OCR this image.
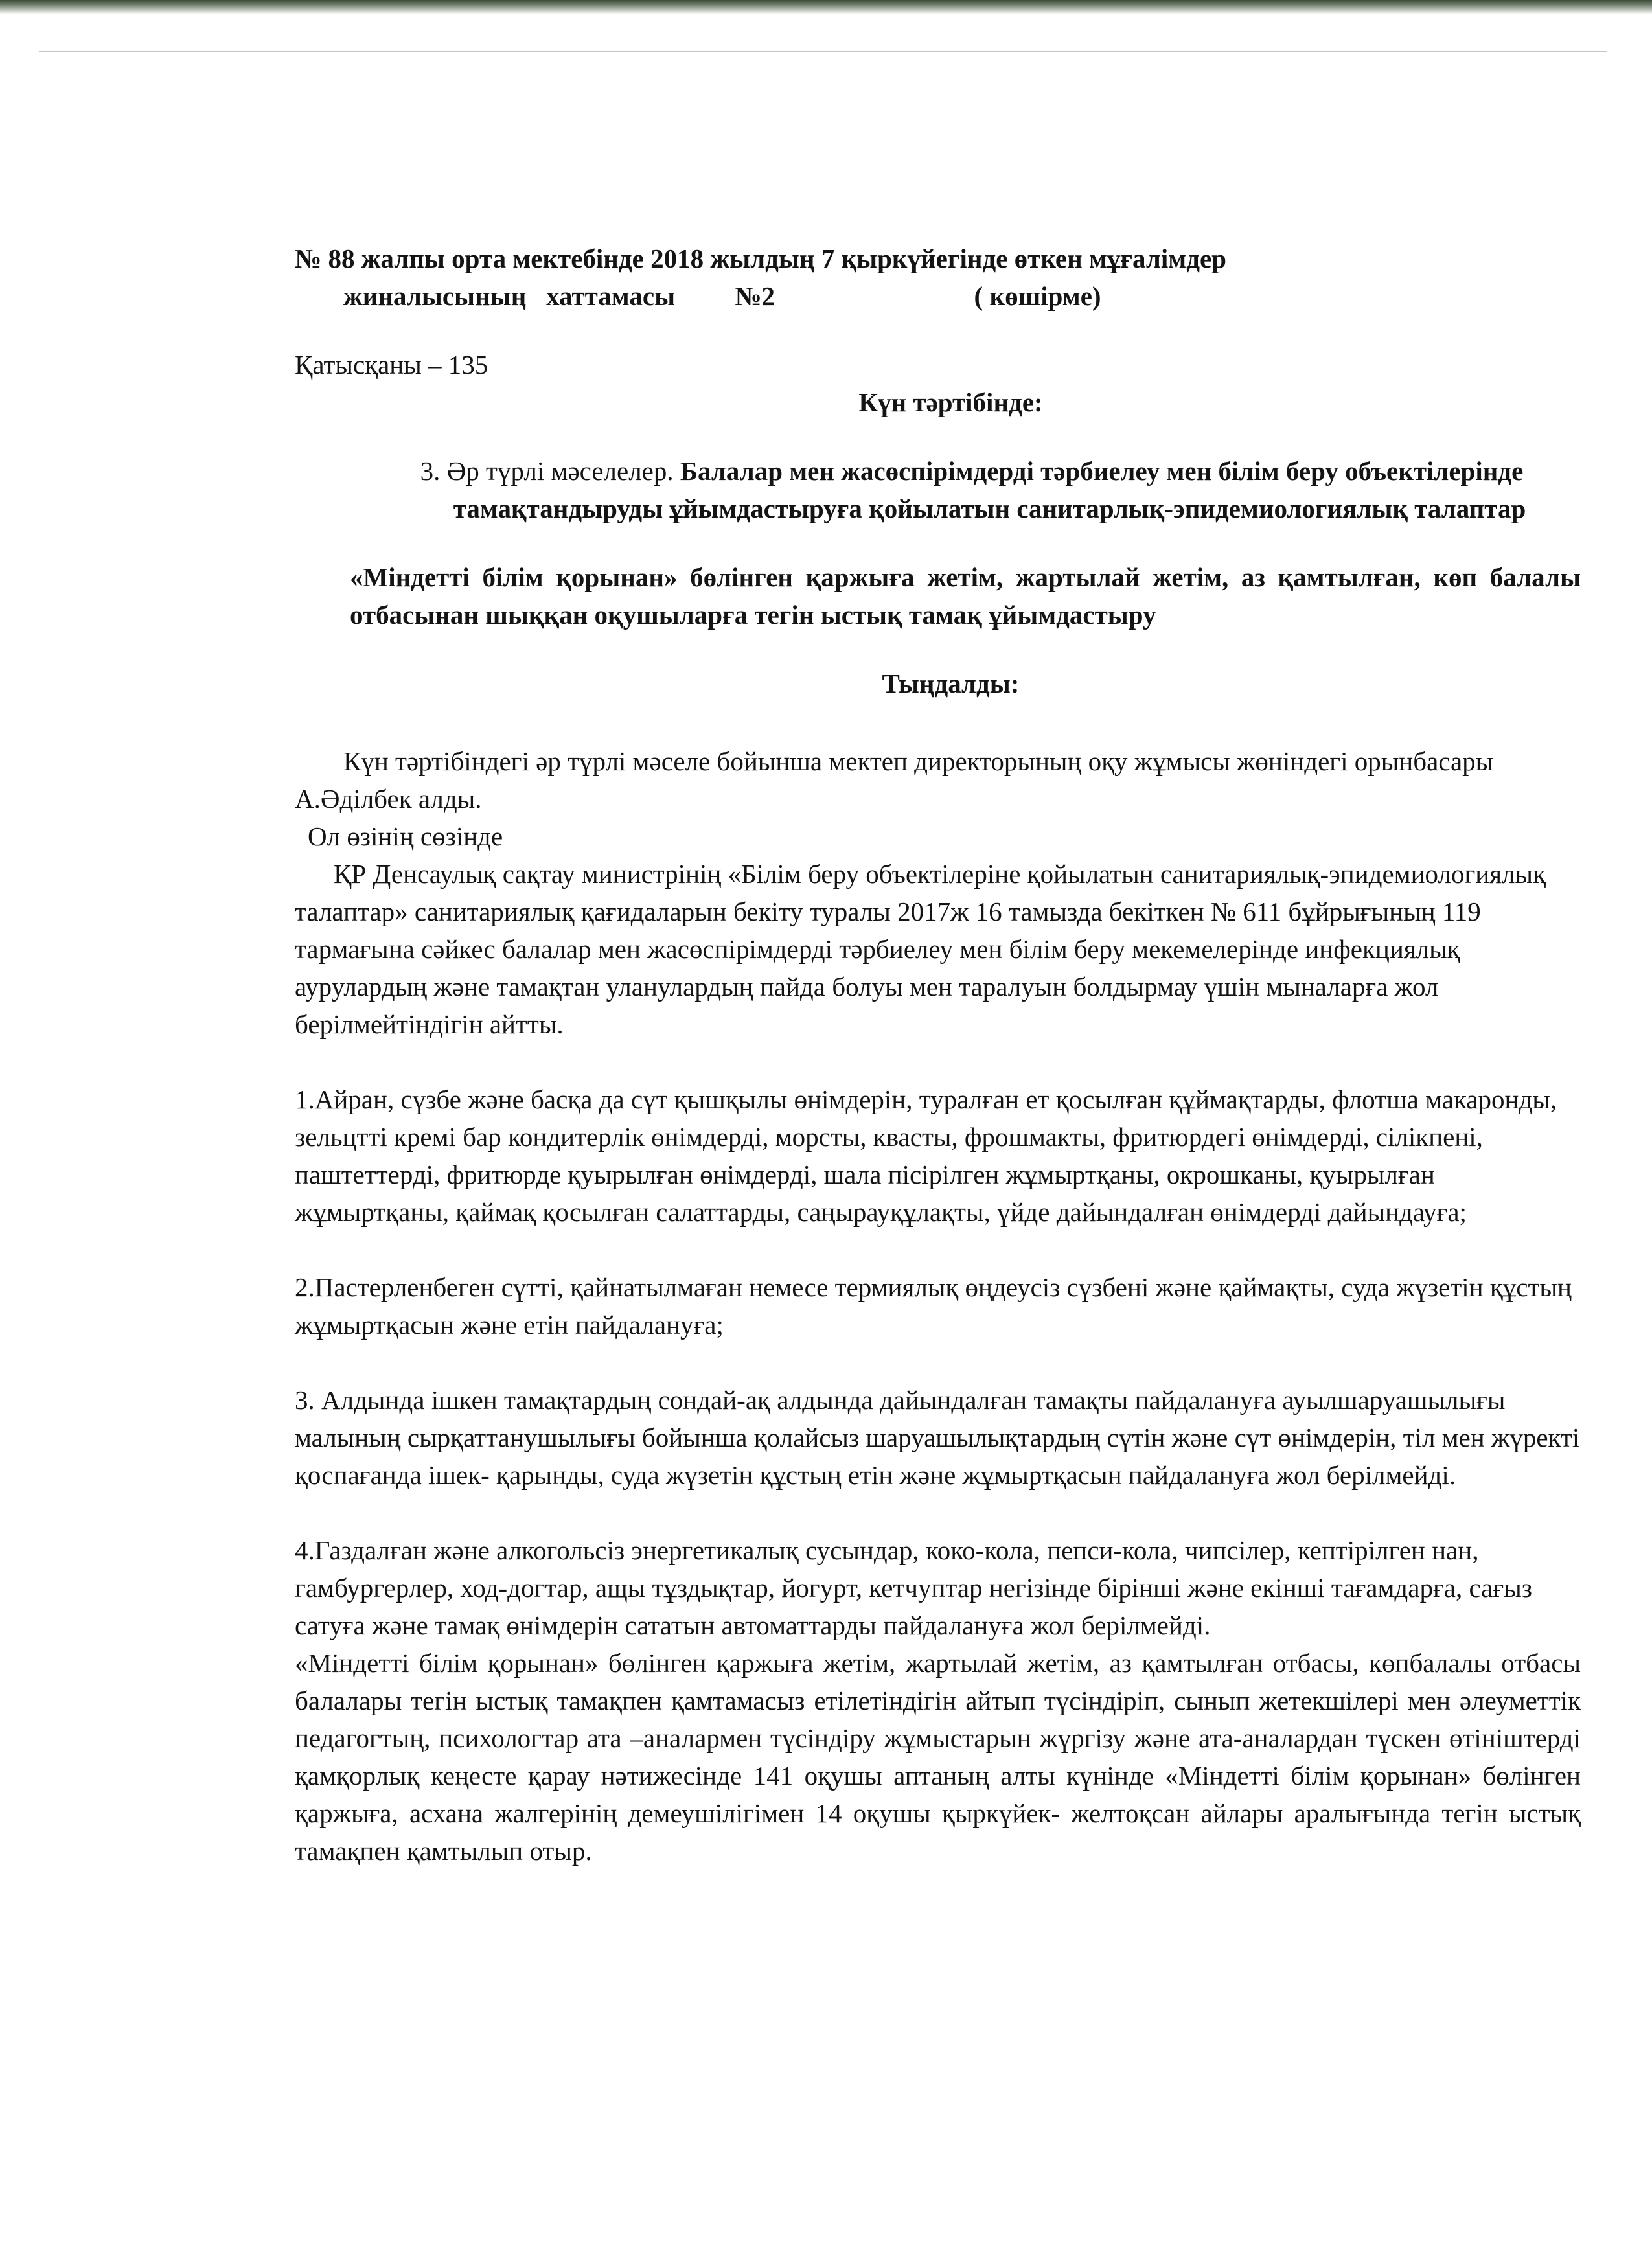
№ 88 жалпы орта мектебінде 2018 жылдың 7 қыркүйегінде өткен мұғалімдер
жиналысының   хаттамасы         №2                              ( көшірме)

Қатысқаны – 135

Күн тәртібінде:

3. Әр түрлі мәселелер. Балалар мен жасөспірімдерді тәрбиелеу мен білім беру объектілерінде тамақтандыруды ұйымдастыруға қойылатын санитарлық-эпидемиологиялық талаптар

«Міндетті білім қорынан» бөлінген қаржыға жетім, жартылай жетім, аз қамтылған, көп балалы отбасынан шыққан оқушыларға тегін ыстық тамақ ұйымдастыру

Тыңдалды:

Күн тәртібіндегі әр түрлі мәселе бойынша мектеп директорының оқу жұмысы жөніндегі орынбасары А.Әділбек алды.

Ол өзінің сөзінде

ҚР Денсаулық сақтау министрінің «Білім беру объектілеріне қойылатын санитариялық-эпидемиологиялық талаптар» санитариялық қағидаларын бекіту туралы 2017ж 16 тамызда бекіткен № 611 бұйрығының 119 тармағына сәйкес балалар мен жасөспірімдерді тәрбиелеу мен білім беру мекемелерінде инфекциялық аурулардың және тамақтан уланулардың пайда болуы мен таралуын болдырмау үшін мыналарға жол берілмейтіндігін айтты.

1.Айран, сүзбе және басқа да сүт қышқылы өнімдерін, туралған ет қосылған құймақтарды, флотша макаронды, зельцтті кремі бар кондитерлік өнімдерді, морсты, квасты, фрошмакты, фритюрдегі өнімдерді, сілікпені, паштеттерді, фритюрде қуырылған өнімдерді, шала пісірілген жұмыртқаны, окрошканы, қуырылған жұмыртқаны, қаймақ қосылған салаттарды, саңырауқұлақты, үйде дайындалған өнімдерді дайындауға;

2.Пастерленбеген сүтті, қайнатылмаған немесе термиялық өңдеусіз сүзбені және қаймақты, суда жүзетін құстың жұмыртқасын және етін пайдалануға;

3. Алдында ішкен тамақтардың сондай-ақ алдында дайындалған тамақты пайдалануға ауылшаруашылығы малының сырқаттанушылығы бойынша қолайсыз шаруашылықтардың сүтін және сүт өнімдерін, тіл мен жүректі қоспағанда ішек- қарынды, суда жүзетін құстың етін және жұмыртқасын пайдалануға жол берілмейді.

4.Газдалған және алкогольсіз энергетикалық сусындар, коко-кола, пепси-кола, чипсілер, кептірілген нан, гамбургерлер, ход-догтар, ащы тұздықтар, йогурт, кетчуптар негізінде бірінші және екінші тағамдарға, сағыз сатуға және тамақ өнімдерін сататын автоматтарды пайдалануға жол берілмейді.

«Міндетті білім қорынан» бөлінген қаржыға жетім, жартылай жетім, аз қамтылған отбасы, көпбалалы отбасы балалары тегін ыстық тамақпен қамтамасыз етілетіндігін айтып түсіндіріп, сынып жетекшілері мен әлеуметтік педагогтың, психологтар ата –аналармен түсіндіру жұмыстарын жүргізу және ата-аналардан түскен өтініштерді қамқорлық кеңесте қарау нәтижесінде 141 оқушы аптаның алты күнінде «Міндетті білім қорынан» бөлінген қаржыға, асхана жалгерінің демеушілігімен 14 оқушы қыркүйек- желтоқсан айлары аралығында тегін ыстық тамақпен қамтылып отыр.
